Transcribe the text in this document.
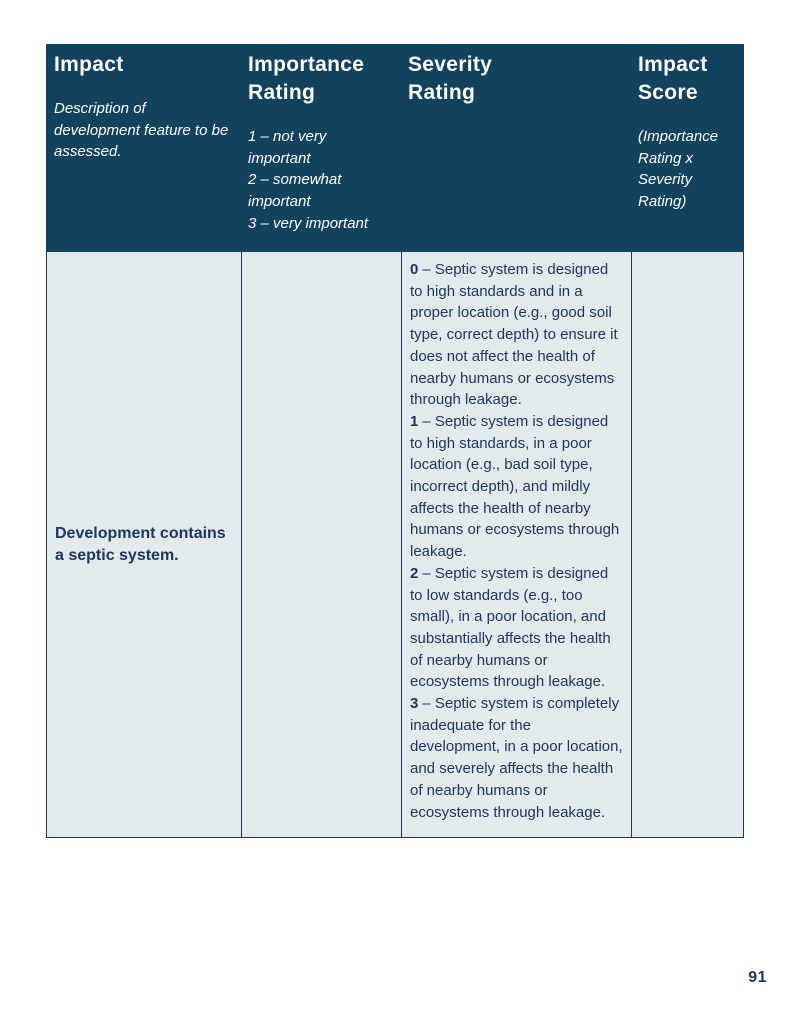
Impact
Description of development feature to be assessed.
Importance Rating
1 – not very important
2 – somewhat important
3 – very important
Severity Rating
Impact Score
(Importance Rating x Severity Rating)

Development contains a septic system.

0 – Septic system is designed to high standards and in a proper location (e.g., good soil type, correct depth) to ensure it does not affect the health of nearby humans or ecosystems through leakage.

1 – Septic system is designed to high standards, in a poor location (e.g., bad soil type, incorrect depth), and mildly affects the health of nearby humans or ecosystems through leakage.

2 – Septic system is designed to low standards (e.g., too small), in a poor location, and substantially affects the health of nearby humans or ecosystems through leakage.

3 – Septic system is completely inadequate for the development, in a poor location, and severely affects the health of nearby humans or ecosystems through leakage.

91
